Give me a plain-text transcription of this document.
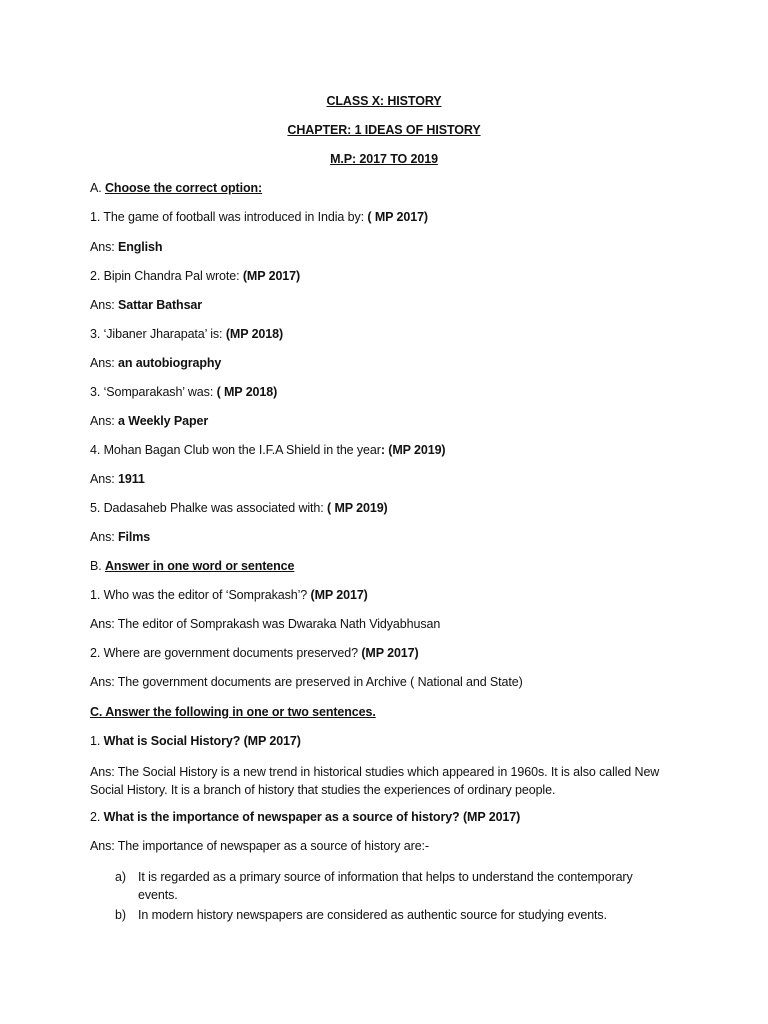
CLASS X: HISTORY
CHAPTER: 1 IDEAS OF HISTORY
M.P: 2017 TO 2019
A. Choose the correct option:
1. The game of football was introduced in India by: ( MP 2017)
Ans: English
2. Bipin Chandra Pal wrote: (MP 2017)
Ans: Sattar Bathsar
3. ‘Jibaner Jharapata’ is: (MP 2018)
Ans: an autobiography
3. ‘Somparakash’ was: ( MP 2018)
Ans: a Weekly Paper
4. Mohan Bagan Club won the I.F.A Shield in the year: (MP 2019)
Ans: 1911
5. Dadasaheb Phalke was associated with: ( MP 2019)
Ans: Films
B. Answer in one word or sentence
1. Who was the editor of ‘Somprakash’? (MP 2017)
Ans: The editor of Somprakash was Dwaraka Nath Vidyabhusan
2. Where are government documents preserved? (MP 2017)
Ans: The government documents are preserved in Archive ( National and State)
C. Answer the following in one or two sentences.
1. What is Social History? (MP 2017)
Ans: The Social History is a new trend in historical studies which appeared in 1960s. It is also called New Social History. It is a branch of history that studies the experiences of ordinary people.
2. What is the importance of newspaper as a source of history? (MP 2017)
Ans: The importance of newspaper as a source of history are:-
a) It is regarded as a primary source of information that helps to understand the contemporary events.
b) In modern history newspapers are considered as authentic source for studying events.
